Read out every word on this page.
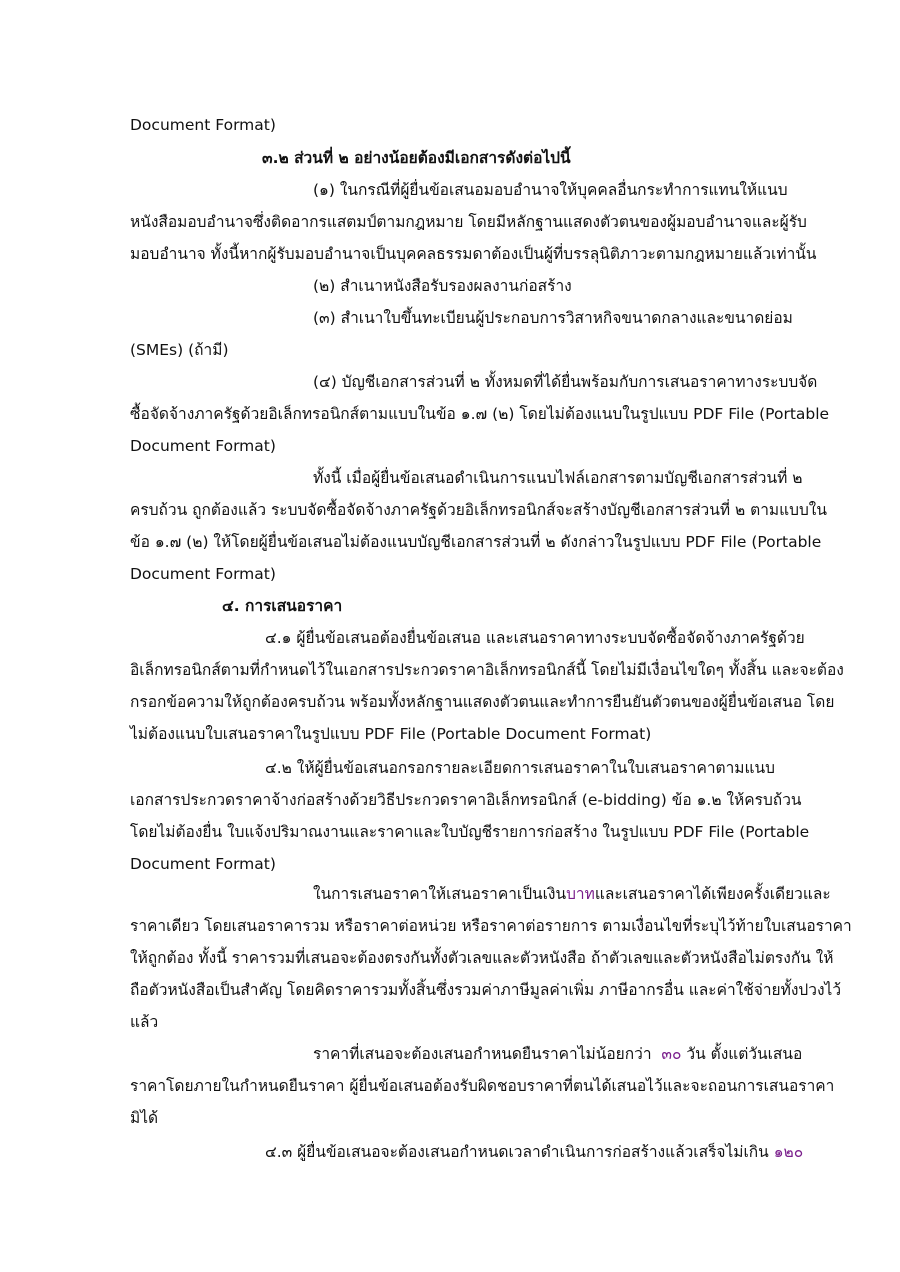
Document Format)

๓.๒ ส่วนที่ ๒ อย่างน้อยต้องมีเอกสารดังต่อไปนี้

(๑) ในกรณีที่ผู้ยื่นข้อเสนอมอบอำนาจให้บุคคลอื่นกระทำการแทนให้แนบ

หนังสือมอบอำนาจซึ่งติดอากรแสตมป์ตามกฎหมาย โดยมีหลักฐานแสดงตัวตนของผู้มอบอำนาจและผู้รับ

มอบอำนาจ ทั้งนี้หากผู้รับมอบอำนาจเป็นบุคคลธรรมดาต้องเป็นผู้ที่บรรลุนิติภาวะตามกฎหมายแล้วเท่านั้น

(๒) สำเนาหนังสือรับรองผลงานก่อสร้าง

(๓) สำเนาใบขึ้นทะเบียนผู้ประกอบการวิสาหกิจขนาดกลางและขนาดย่อม

(SMEs) (ถ้ามี)

(๔) บัญชีเอกสารส่วนที่ ๒ ทั้งหมดที่ได้ยื่นพร้อมกับการเสนอราคาทางระบบจัด

ซื้อจัดจ้างภาครัฐด้วยอิเล็กทรอนิกส์ตามแบบในข้อ ๑.๗ (๒) โดยไม่ต้องแนบในรูปแบบ PDF File (Portable

Document Format)

ทั้งนี้ เมื่อผู้ยื่นข้อเสนอดำเนินการแนบไฟล์เอกสารตามบัญชีเอกสารส่วนที่ ๒

ครบถ้วน ถูกต้องแล้ว ระบบจัดซื้อจัดจ้างภาครัฐด้วยอิเล็กทรอนิกส์จะสร้างบัญชีเอกสารส่วนที่ ๒ ตามแบบใน

ข้อ ๑.๗ (๒) ให้โดยผู้ยื่นข้อเสนอไม่ต้องแนบบัญชีเอกสารส่วนที่ ๒ ดังกล่าวในรูปแบบ PDF File (Portable

Document Format)

๔. การเสนอราคา

๔.๑ ผู้ยื่นข้อเสนอต้องยื่นข้อเสนอ และเสนอราคาทางระบบจัดซื้อจัดจ้างภาครัฐด้วย

อิเล็กทรอนิกส์ตามที่กำหนดไว้ในเอกสารประกวดราคาอิเล็กทรอนิกส์นี้ โดยไม่มีเงื่อนไขใดๆ ทั้งสิ้น และจะต้อง

กรอกข้อความให้ถูกต้องครบถ้วน พร้อมทั้งหลักฐานแสดงตัวตนและทำการยืนยันตัวตนของผู้ยื่นข้อเสนอ โดย

ไม่ต้องแนบใบเสนอราคาในรูปแบบ PDF File (Portable Document Format)

๔.๒ ให้ผู้ยื่นข้อเสนอกรอกรายละเอียดการเสนอราคาในใบเสนอราคาตามแนบ

เอกสารประกวดราคาจ้างก่อสร้างด้วยวิธีประกวดราคาอิเล็กทรอนิกส์ (e-bidding) ข้อ ๑.๒ ให้ครบถ้วน

โดยไม่ต้องยื่น ใบแจ้งปริมาณงานและราคาและใบบัญชีรายการก่อสร้าง ในรูปแบบ PDF File (Portable

Document Format)

ในการเสนอราคาให้เสนอราคาเป็นเงินบาทและเสนอราคาได้เพียงครั้งเดียวและ

ราคาเดียว โดยเสนอราคารวม หรือราคาต่อหน่วย หรือราคาต่อรายการ ตามเงื่อนไขที่ระบุไว้ท้ายใบเสนอราคา

ให้ถูกต้อง ทั้งนี้ ราคารวมที่เสนอจะต้องตรงกันทั้งตัวเลขและตัวหนังสือ ถ้าตัวเลขและตัวหนังสือไม่ตรงกัน ให้

ถือตัวหนังสือเป็นสำคัญ โดยคิดราคารวมทั้งสิ้นซึ่งรวมค่าภาษีมูลค่าเพิ่ม ภาษีอากรอื่น และค่าใช้จ่ายทั้งปวงไว้

แล้ว

ราคาที่เสนอจะต้องเสนอกำหนดยืนราคาไม่น้อยกว่า ๓๐ วัน ตั้งแต่วันเสนอ

ราคาโดยภายในกำหนดยืนราคา ผู้ยื่นข้อเสนอต้องรับผิดชอบราคาที่ตนได้เสนอไว้และจะถอนการเสนอราคา

มิได้

๔.๓ ผู้ยื่นข้อเสนอจะต้องเสนอกำหนดเวลาดำเนินการก่อสร้างแล้วเสร็จไม่เกิน ๑๒๐
